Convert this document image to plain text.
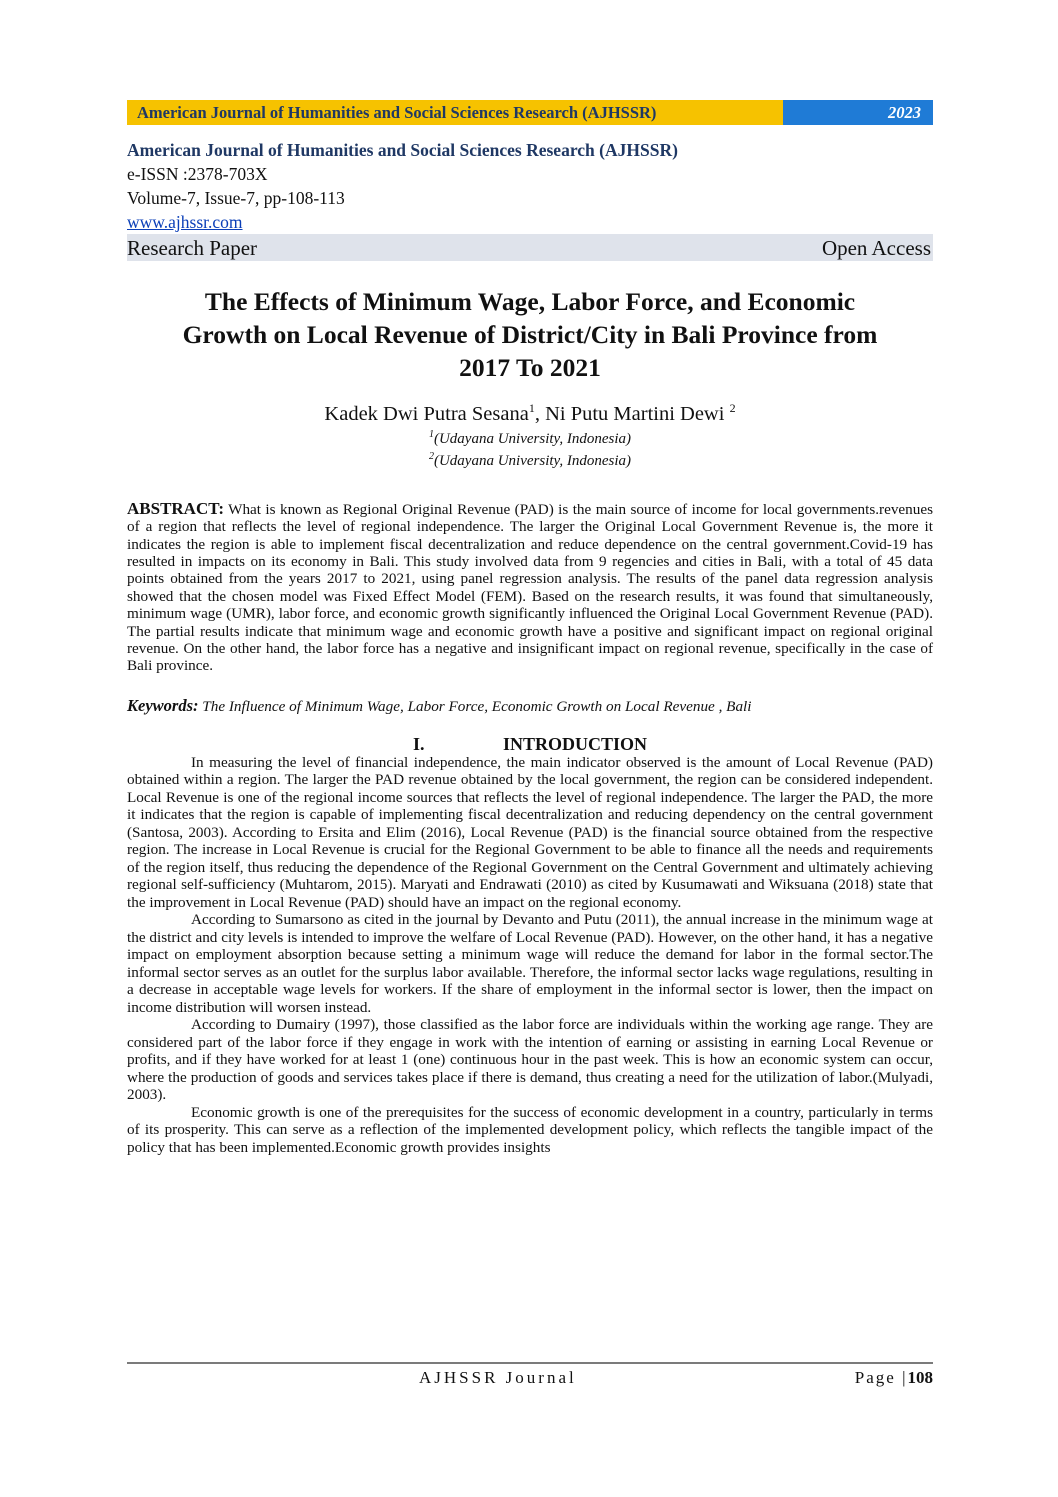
American Journal of Humanities and Social Sciences Research (AJHSSR)	2023
American Journal of Humanities and Social Sciences Research (AJHSSR)
e-ISSN :2378-703X
Volume-7, Issue-7, pp-108-113
www.ajhssr.com
Research Paper	Open Access
The Effects of Minimum Wage, Labor Force, and Economic
Growth on Local Revenue of District/City in Bali Province from
2017 To 2021
Kadek Dwi Putra Sesana$^1$, Ni Putu Martini Dewi $^2$
$^1$(Udayana University, Indonesia)
$^2$(Udayana University, Indonesia)
ABSTRACT: What is known as Regional Original Revenue (PAD) is the main source of income for local governments.revenues of a region that reflects the level of regional independence. The larger the Original Local Government Revenue is, the more it indicates the region is able to implement fiscal decentralization and reduce dependence on the central government.Covid-19 has resulted in impacts on its economy in Bali. This study involved data from 9 regencies and cities in Bali, with a total of 45 data points obtained from the years 2017 to 2021, using panel regression analysis. The results of the panel data regression analysis showed that the chosen model was Fixed Effect Model (FEM). Based on the research results, it was found that simultaneously, minimum wage (UMR), labor force, and economic growth significantly influenced the Original Local Government Revenue (PAD). The partial results indicate that minimum wage and economic growth have a positive and significant impact on regional original revenue. On the other hand, the labor force has a negative and insignificant impact on regional revenue, specifically in the case of Bali province.
Keywords: The Influence of Minimum Wage, Labor Force, Economic Growth on Local Revenue , Bali
I.	INTRODUCTION

In measuring the level of financial independence, the main indicator observed is the amount of Local Revenue (PAD) obtained within a region. The larger the PAD revenue obtained by the local government, the region can be considered independent. Local Revenue is one of the regional income sources that reflects the level of regional independence. The larger the PAD, the more it indicates that the region is capable of implementing fiscal decentralization and reducing dependency on the central government (Santosa, 2003). According to Ersita and Elim (2016), Local Revenue (PAD) is the financial source obtained from the respective region. The increase in Local Revenue is crucial for the Regional Government to be able to finance all the needs and requirements of the region itself, thus reducing the dependence of the Regional Government on the Central Government and ultimately achieving regional self-sufficiency (Muhtarom, 2015). Maryati and Endrawati (2010) as cited by Kusumawati and Wiksuana (2018) state that the improvement in Local Revenue (PAD) should have an impact on the regional economy.

According to Sumarsono as cited in the journal by Devanto and Putu (2011), the annual increase in the minimum wage at the district and city levels is intended to improve the welfare of Local Revenue (PAD). However, on the other hand, it has a negative impact on employment absorption because setting a minimum wage will reduce the demand for labor in the formal sector.The informal sector serves as an outlet for the surplus labor available. Therefore, the informal sector lacks wage regulations, resulting in a decrease in acceptable wage levels for workers. If the share of employment in the informal sector is lower, then the impact on income distribution will worsen instead.

According to Dumairy (1997), those classified as the labor force are individuals within the working age range. They are considered part of the labor force if they engage in work with the intention of earning or assisting in earning Local Revenue or profits, and if they have worked for at least 1 (one) continuous hour in the past week. This is how an economic system can occur, where the production of goods and services takes place if there is demand, thus creating a need for the utilization of labor.(Mulyadi, 2003).

Economic growth is one of the prerequisites for the success of economic development in a country, particularly in terms of its prosperity. This can serve as a reflection of the implemented development policy, which reflects the tangible impact of the policy that has been implemented.Economic growth provides insights

AJHSSR Journal	Page |108
